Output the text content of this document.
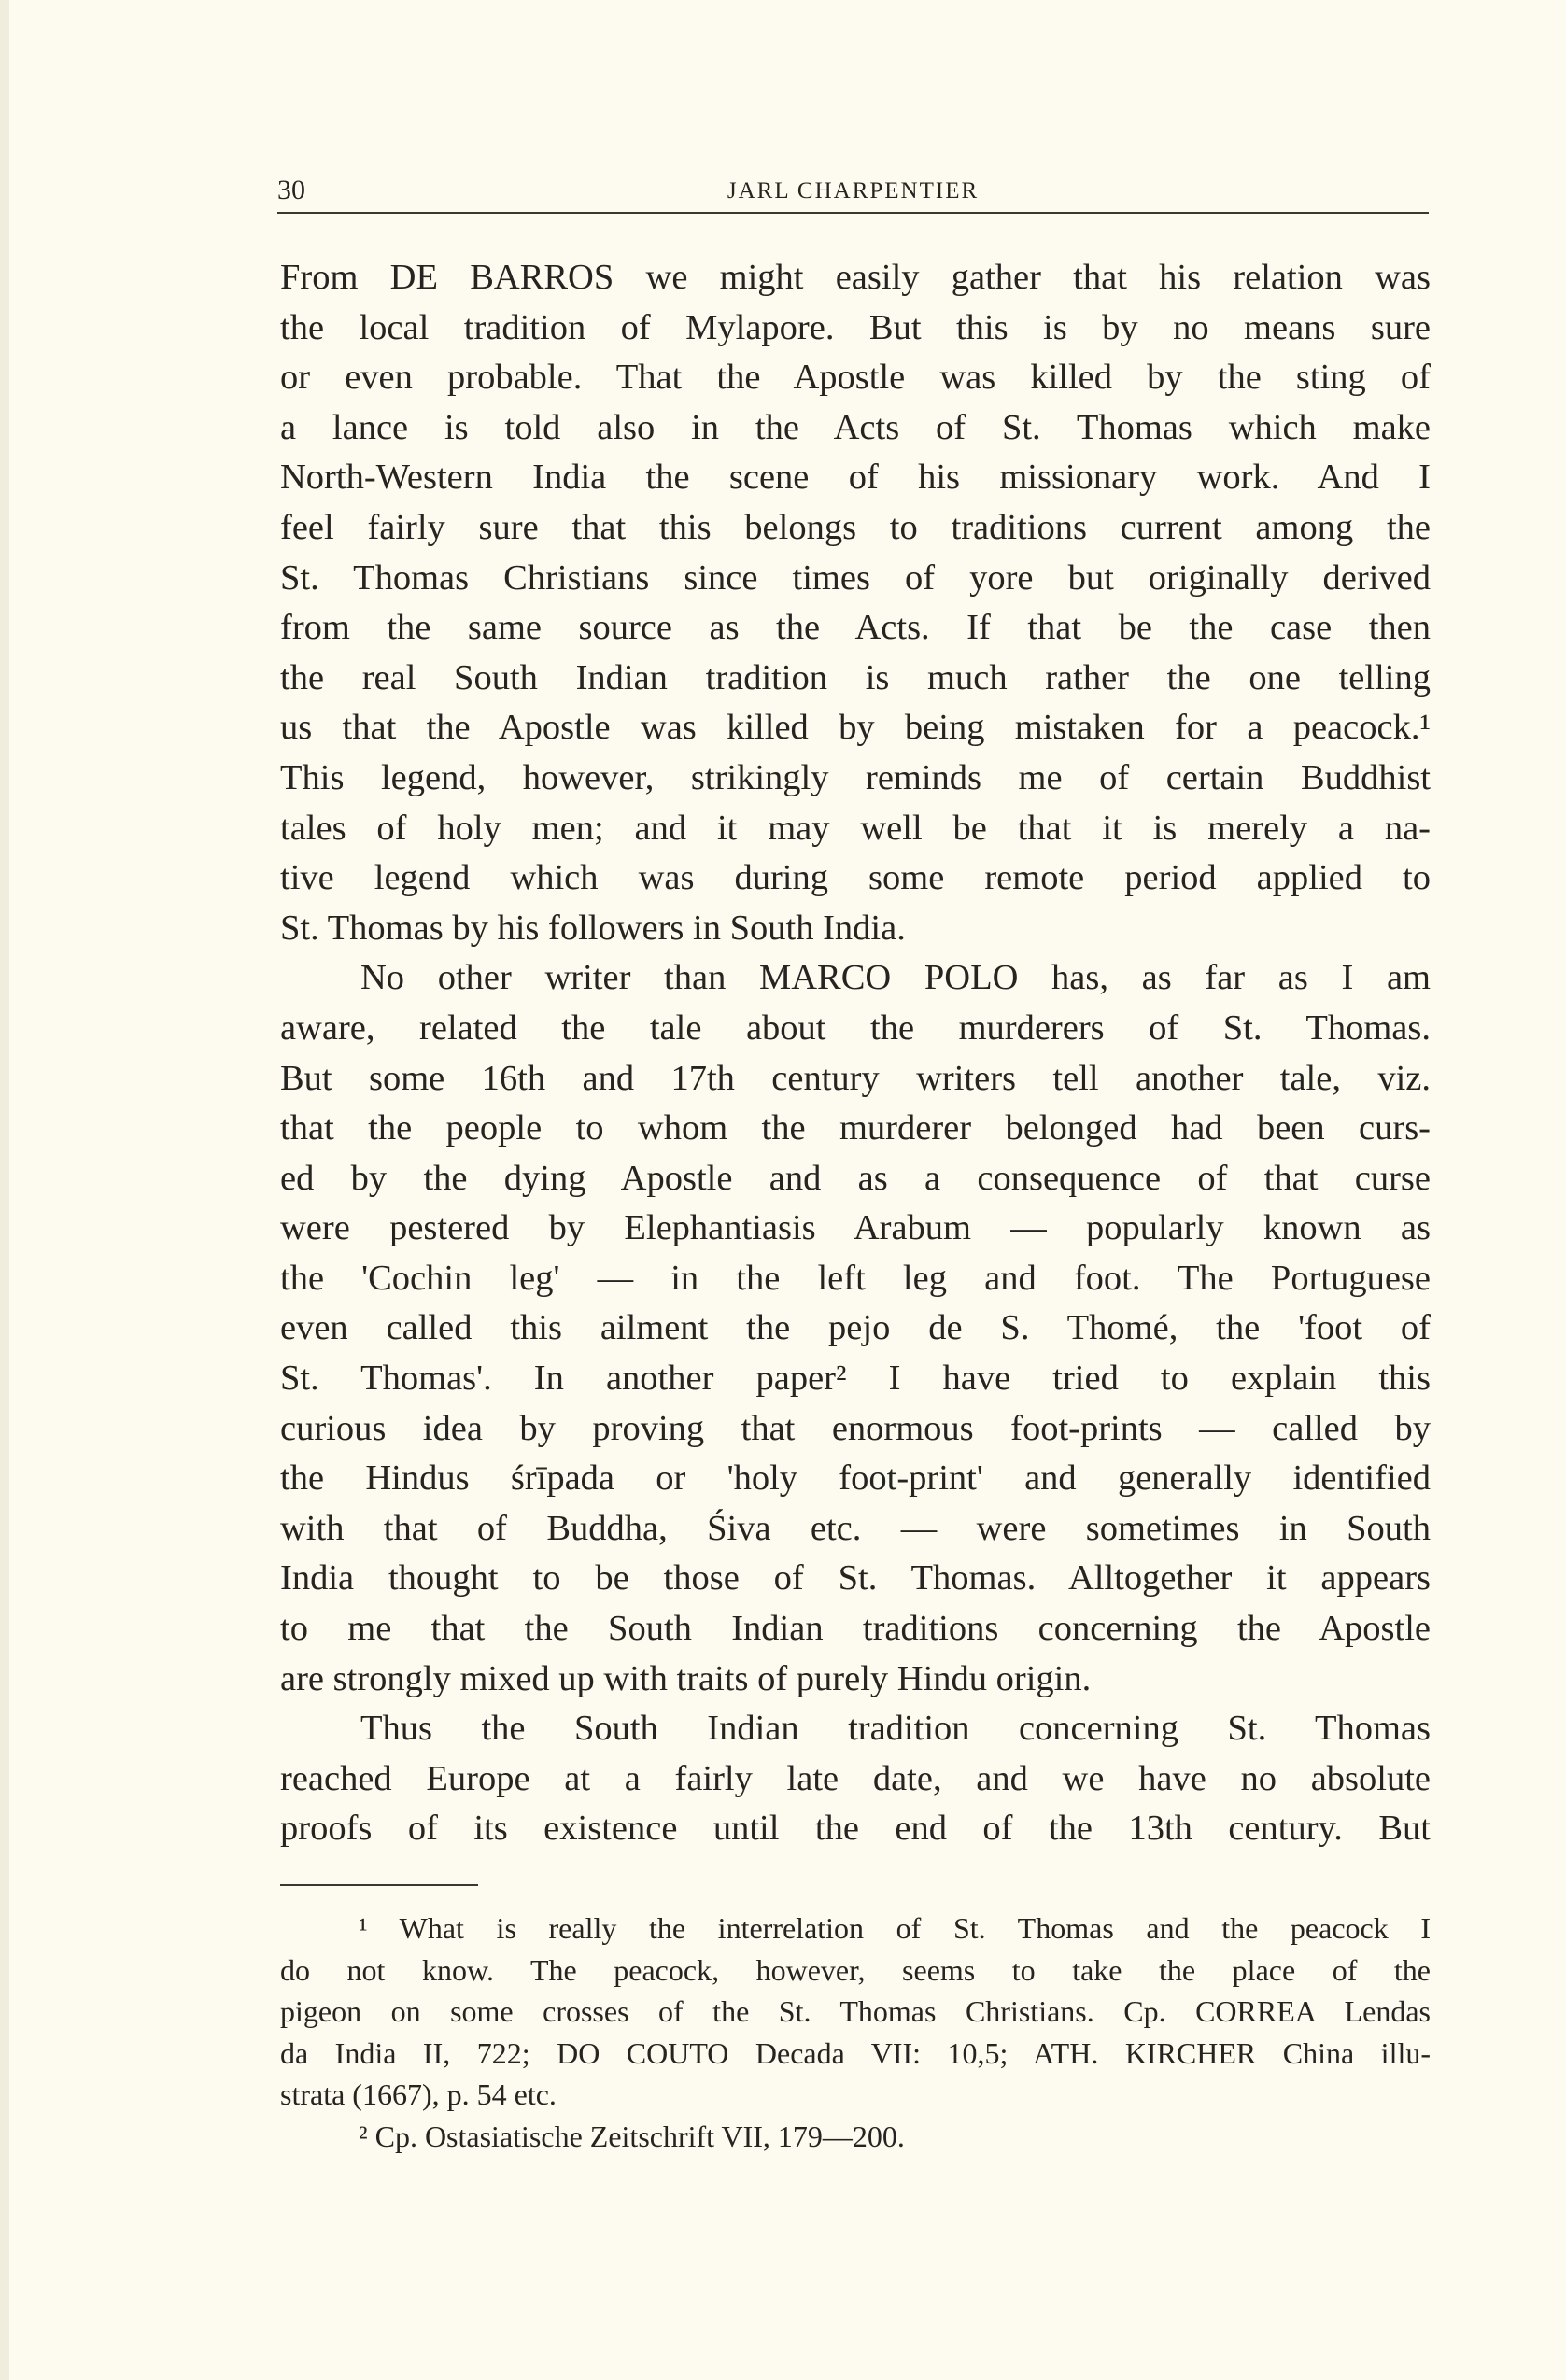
30	JARL CHARPENTIER
From DE BARROS we might easily gather that his relation was
the local tradition of Mylapore. But this is by no means sure
or even probable. That the Apostle was killed by the sting of
a lance is told also in the Acts of St. Thomas which make
North-Western India the scene of his missionary work. And I
feel fairly sure that this belongs to traditions current among the
St. Thomas Christians since times of yore but originally derived
from the same source as the Acts. If that be the case then
the real South Indian tradition is much rather the one telling
us that the Apostle was killed by being mistaken for a peacock.¹
This legend, however, strikingly reminds me of certain Buddhist
tales of holy men; and it may well be that it is merely a na-
tive legend which was during some remote period applied to
St. Thomas by his followers in South India.
No other writer than MARCO POLO has, as far as I am
aware, related the tale about the murderers of St. Thomas.
But some 16th and 17th century writers tell another tale, viz.
that the people to whom the murderer belonged had been curs-
ed by the dying Apostle and as a consequence of that curse
were pestered by Elephantiasis Arabum — popularly known as
the 'Cochin leg' — in the left leg and foot. The Portuguese
even called this ailment the pejo de S. Thomé, the 'foot of
St. Thomas'. In another paper² I have tried to explain this
curious idea by proving that enormous foot-prints — called by
the Hindus śrīpada or 'holy foot-print' and generally identified
with that of Buddha, Śiva etc. — were sometimes in South
India thought to be those of St. Thomas. Alltogether it appears
to me that the South Indian traditions concerning the Apostle
are strongly mixed up with traits of purely Hindu origin.
Thus the South Indian tradition concerning St. Thomas
reached Europe at a fairly late date, and we have no absolute
proofs of its existence until the end of the 13th century. But
¹ What is really the interrelation of St. Thomas and the peacock I
do not know. The peacock, however, seems to take the place of the
pigeon on some crosses of the St. Thomas Christians. Cp. CORREA Lendas
da India II, 722; DO COUTO Decada VII: 10,5; ATH. KIRCHER China illu-
strata (1667), p. 54 etc.
² Cp. Ostasiatische Zeitschrift VII, 179—200.
